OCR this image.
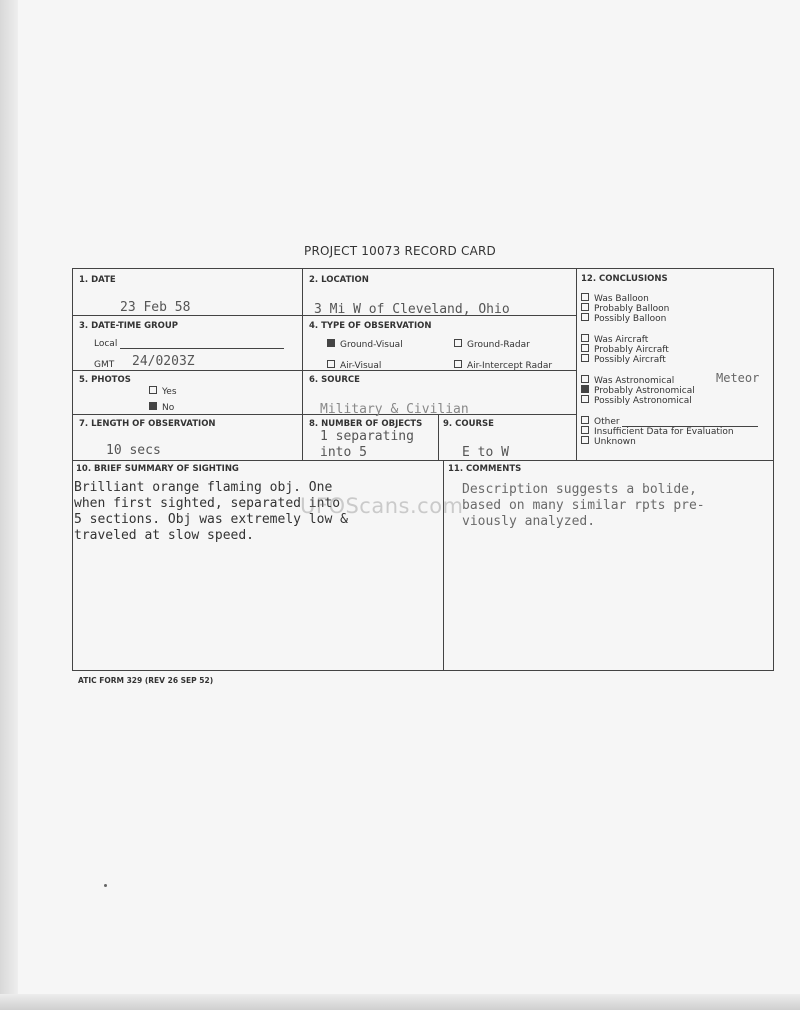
PROJECT 10073 RECORD CARD
1. DATE
23 Feb 58
2. LOCATION
3 Mi W of Cleveland, Ohio
3. DATE-TIME GROUP
Local
GMT 24/0203Z
4. TYPE OF OBSERVATION
Ground-Visual	Ground-Radar
Air-Visual	Air-Intercept Radar
5. PHOTOS
Yes
No
6. SOURCE
Military & Civilian
7. LENGTH OF OBSERVATION
10 secs
8. NUMBER OF OBJECTS
1 separating
into 5
9. COURSE
E to W
12. CONCLUSIONS
Was Balloon
Probably Balloon
Possibly Balloon
Was Aircraft
Probably Aircraft
Possibly Aircraft
Was Astronomical	Meteor
Probably Astronomical
Possibly Astronomical
Other
Insufficient Data for Evaluation
Unknown
10. BRIEF SUMMARY OF SIGHTING
Brilliant orange flaming obj. One
when first sighted, separated into
5 sections. Obj was extremely low &
traveled at slow speed.
11. COMMENTS
Description suggests a bolide,
based on many similar rpts pre-
viously analyzed.
ATIC FORM 329 (REV 26 SEP 52)
UFOScans.com
